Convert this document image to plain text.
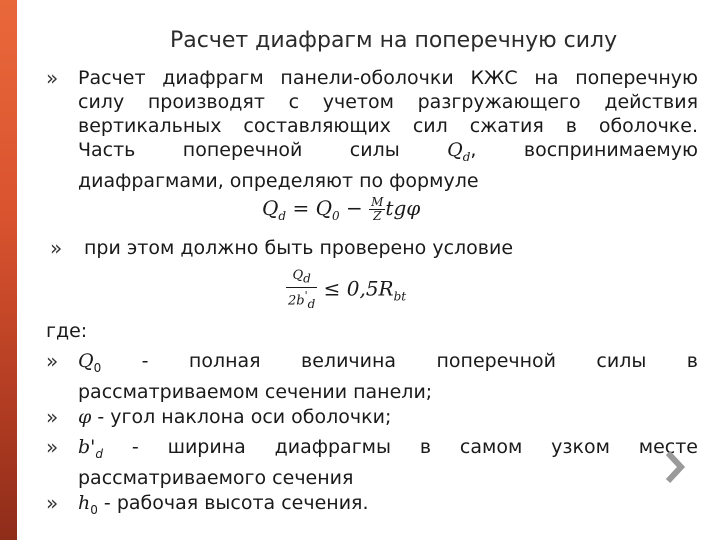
Расчет диафрагм на поперечную силу
» Расчет диафрагм панели-оболочки КЖС на поперечную
силу производят с учетом разгружающего действия
вертикальных составляющих сил сжатия в оболочке.
Часть поперечной силы $Q_d$, воспринимаемую
диафрагмами, определяют по формуле
$Q_d = Q_0 - \frac{M}{Z}$ tgφ
» при этом должно быть проверено условие
$\frac{Q_d}{2b'_d} \le 0,5R_{bt}$
где:
» $Q_0$ - полная величина поперечной силы в
рассматриваемом сечении панели;
» φ - угол наклона оси оболочки;
» $b'_d$ - ширина диафрагмы в самом узком месте
рассматриваемого сечения
» $h_0$ - рабочая высота сечения.
